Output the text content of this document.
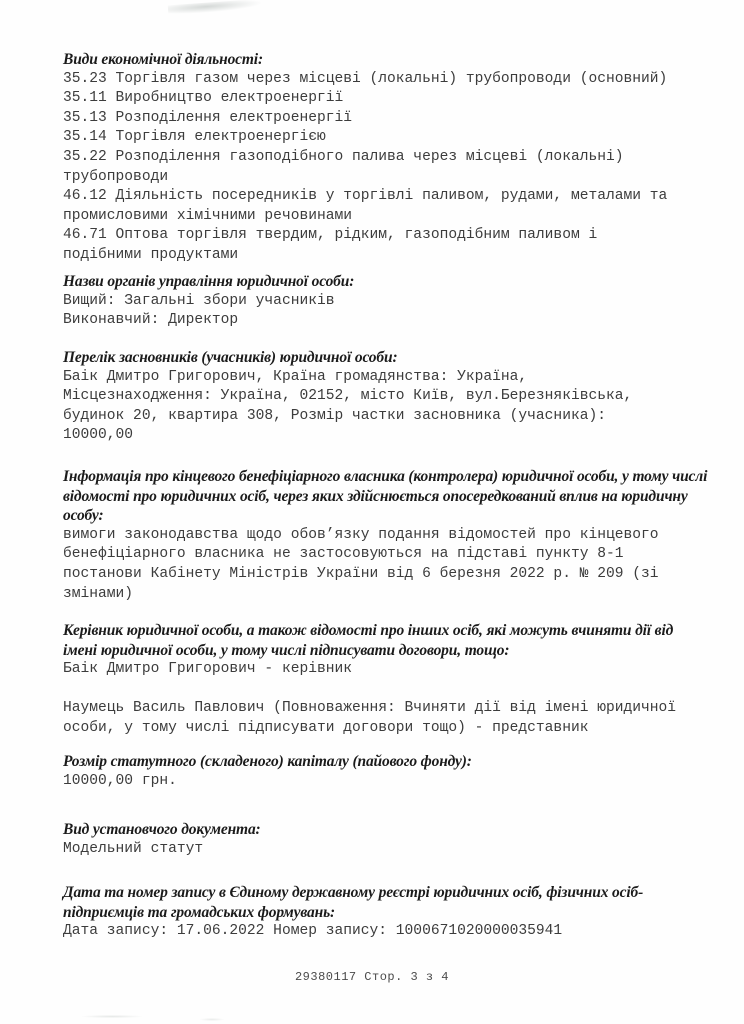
Види економічної діяльності:
35.23 Торгівля газом через місцеві (локальні) трубопроводи (основний)
35.11 Виробництво електроенергії
35.13 Розподілення електроенергії
35.14 Торгівля електроенергією
35.22 Розподілення газоподібного палива через місцеві (локальні)
трубопроводи
46.12 Діяльність посередників у торгівлі паливом, рудами, металами та
промисловими хімічними речовинами
46.71 Оптова торгівля твердим, рідким, газоподібним паливом і
подібними продуктами
Назви органів управління юридичної особи:
Вищий: Загальні збори учасників
Виконавчий: Директор
Перелік засновників (учасників) юридичної особи:
Баік Дмитро Григорович, Країна громадянства: Україна,
Місцезнаходження: Україна, 02152, місто Київ, вул.Березняківська,
будинок 20, квартира 308, Розмір частки засновника (учасника):
10000,00
Інформація про кінцевого бенефіціарного власника (контролера) юридичної особи, у тому числі
відомості про юридичних осіб, через яких здійснюється опосередкований вплив на юридичну
особу:
вимоги законодавства щодо обов’язку подання відомостей про кінцевого
бенефіціарного власника не застосовуються на підставі пункту 8-1
постанови Кабінету Міністрів України від 6 березня 2022 р. № 209 (зі
змінами)
Керівник юридичної особи, а також відомості про інших осіб, які можуть вчиняти дії від
імені юридичної особи, у тому числі підписувати договори, тощо:
Баік Дмитро Григорович - керівник

Наумець Василь Павлович (Повноваження: Вчиняти дії від імені юридичної
особи, у тому числі підписувати договори тощо) - представник
Розмір статутного (складеного) капіталу (пайового фонду):
10000,00 грн.
Вид установчого документа:
Модельний статут
Дата та номер запису в Єдиному державному реєстрі юридичних осіб, фізичних осіб-
підприємців та громадських формувань:
Дата запису: 17.06.2022 Номер запису: 1000671020000035941
29380117 Стор. 3 з 4
